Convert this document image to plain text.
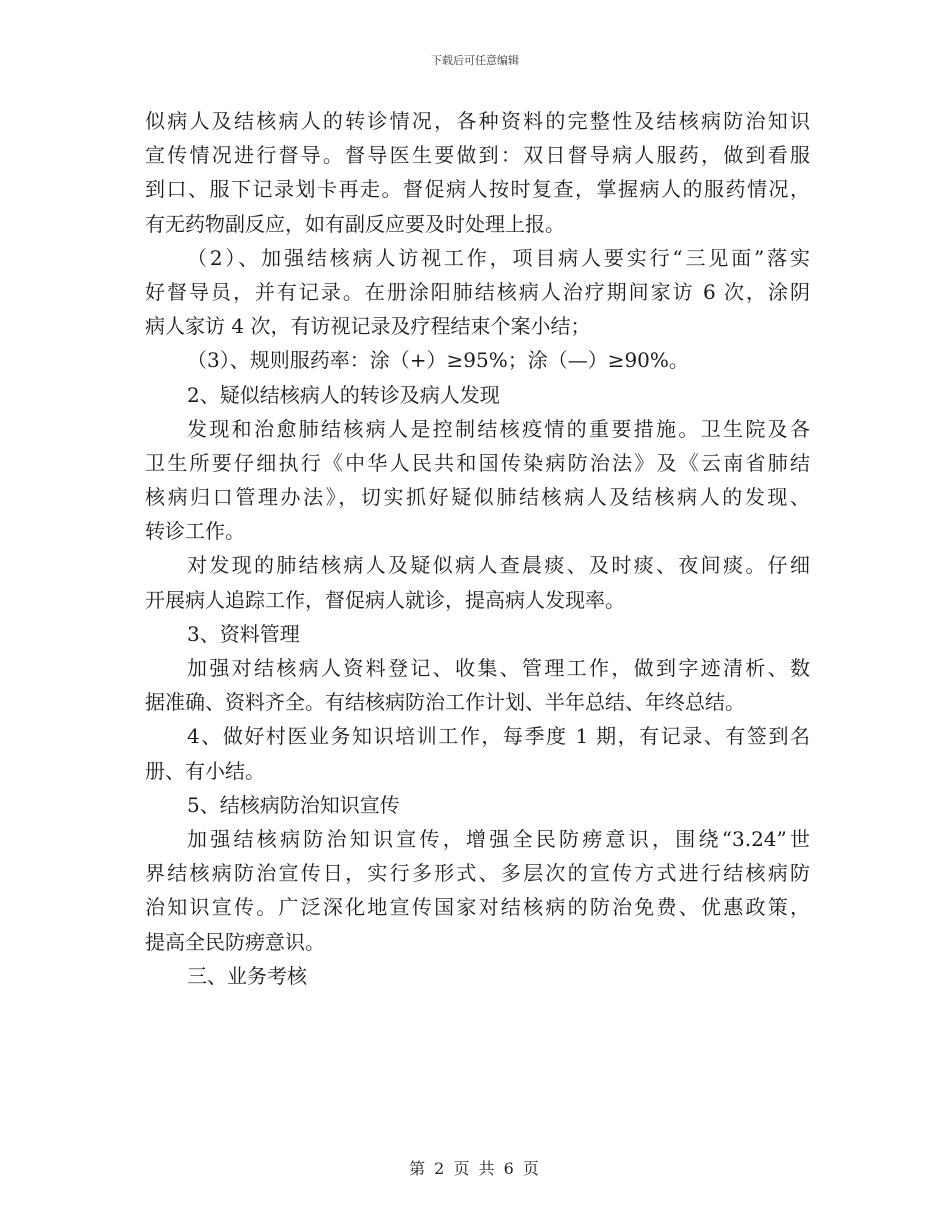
下载后可任意编辑
似病人及结核病人的转诊情况，各种资料的完整性及结核病防治知识
宣传情况进行督导。督导医生要做到：双日督导病人服药，做到看服
到口、服下记录划卡再走。督促病人按时复查，掌握病人的服药情况，
有无药物副反应，如有副反应要及时处理上报。
（2）、加强结核病人访视工作，项目病人要实行“三见面”落实
好督导员，并有记录。在册涂阳肺结核病人治疗期间家访 6 次，涂阴
病人家访 4 次，有访视记录及疗程结束个案小结；
（3）、规则服药率：涂（+）≥95%；涂（—）≥90%。
2、疑似结核病人的转诊及病人发现
发现和治愈肺结核病人是控制结核疫情的重要措施。卫生院及各
卫生所要仔细执行《中华人民共和国传染病防治法》及《云南省肺结
核病归口管理办法》，切实抓好疑似肺结核病人及结核病人的发现、
转诊工作。
对发现的肺结核病人及疑似病人查晨痰、及时痰、夜间痰。仔细
开展病人追踪工作，督促病人就诊，提高病人发现率。
3、资料管理
加强对结核病人资料登记、收集、管理工作，做到字迹清析、数
据准确、资料齐全。有结核病防治工作计划、半年总结、年终总结。
4、做好村医业务知识培训工作，每季度 1 期，有记录、有签到名
册、有小结。
5、结核病防治知识宣传
加强结核病防治知识宣传，增强全民防痨意识，围绕“3.24”世
界结核病防治宣传日，实行多形式、多层次的宣传方式进行结核病防
治知识宣传。广泛深化地宣传国家对结核病的防治免费、优惠政策，
提高全民防痨意识。
三、业务考核
第 2 页 共 6 页
